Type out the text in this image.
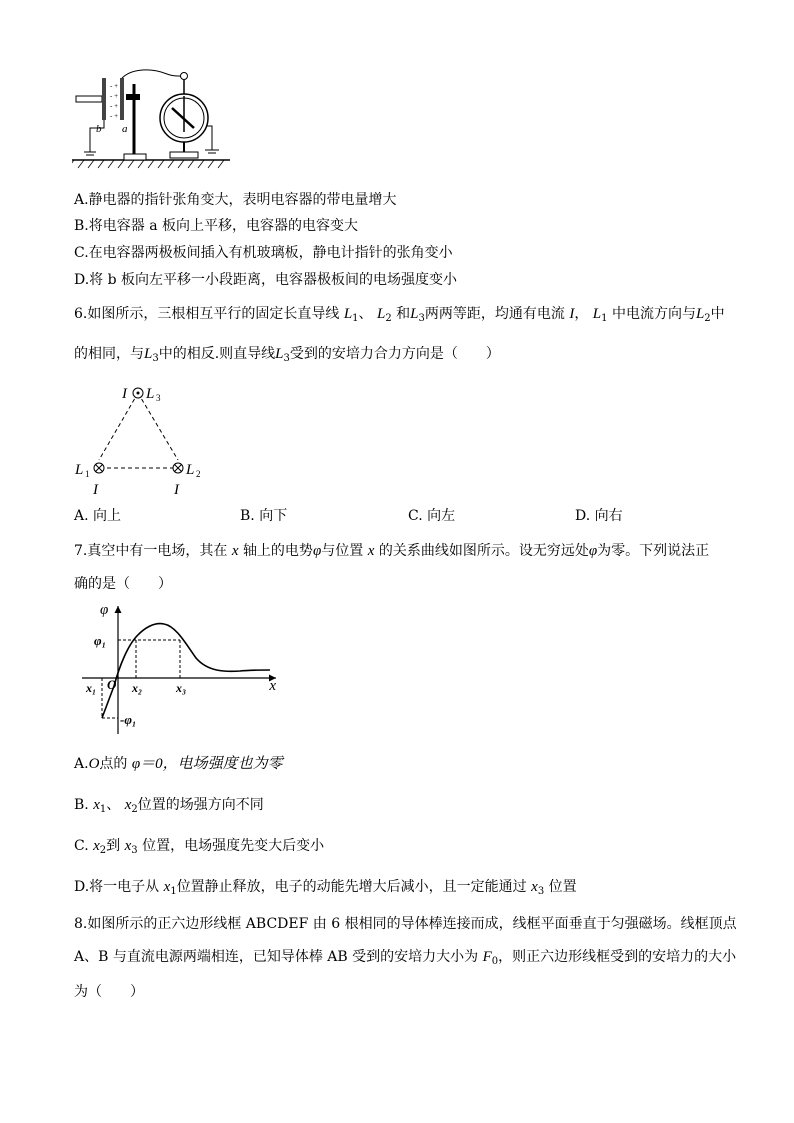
- +
- +
- +
- +
b a
A.静电器的指针张角变大，表明电容器的带电量增大
B.将电容器 a 板向上平移，电容器的电容变大
C.在电容器两极板间插入有机玻璃板，静电计指针的张角变小
D.将 b 板向左平移一小段距离，电容器极板间的电场强度变小
6.如图所示，三根相互平行的固定长直导线 $L_1$、 $L_2$ 和$L_3$两两等距，均通有电流 I， $L_1$ 中电流方向与$L_2$中
的相同，与$L_3$中的相反.则直导线$L_3$受到的安培力合力方向是（　　）
I L 3
L 1	L 2
I	I
A. 向上	B. 向下	C. 向左	D. 向右
7.真空中有一电场，其在 x 轴上的电势φ与位置 x 的关系曲线如图所示。设无穷远处φ为零。下列说法正
确的是（　　）
φ
x
φ₁
-φ₁
x₁ O x₂	x₃
A.O点的 φ＝0，电场强度也为零
B. $x_1$、 $x_2$位置的场强方向不同
C. $x_2$到 $x_3$ 位置，电场强度先变大后变小
D.将一电子从 $x_1$位置静止释放，电子的动能先增大后减小，且一定能通过 $x_3$ 位置
8.如图所示的正六边形线框 ABCDEF 由 6 根相同的导体棒连接而成，线框平面垂直于匀强磁场。线框顶点
A、B 与直流电源两端相连，已知导体棒 AB 受到的安培力大小为 $F_0$，则正六边形线框受到的安培力的大小
为（　　）
